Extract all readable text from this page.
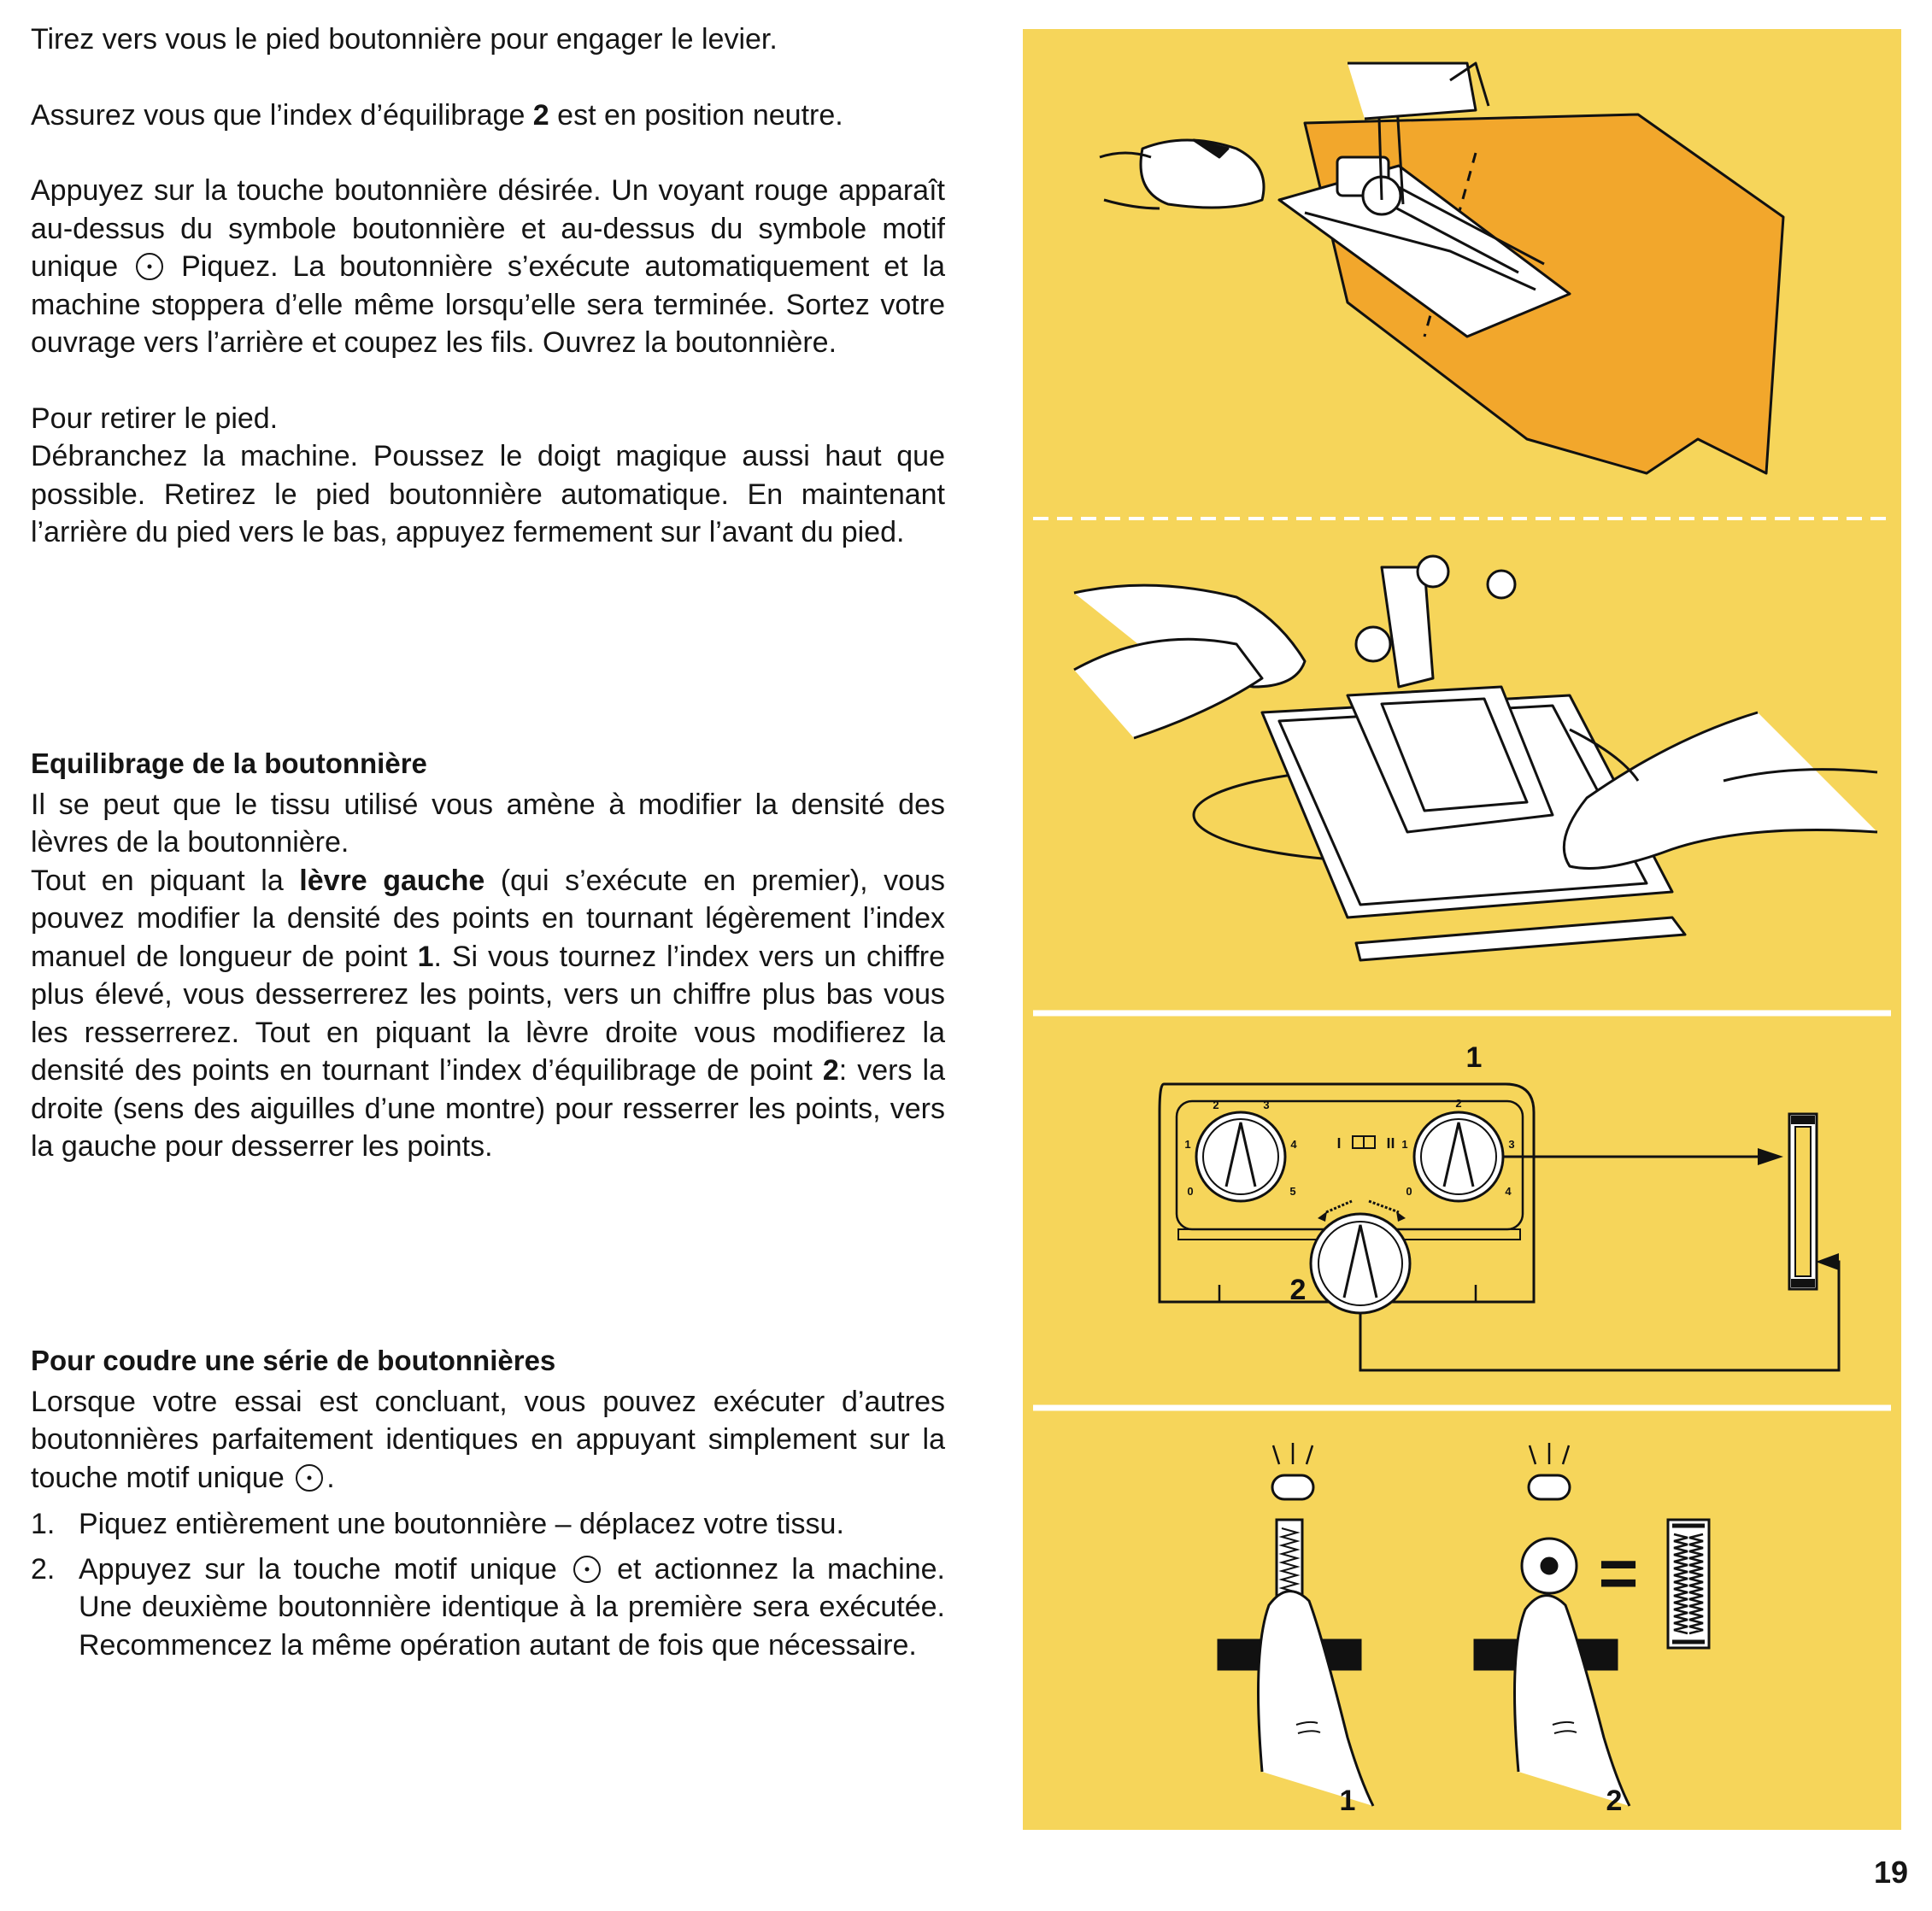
Tirez vers vous le pied boutonnière pour engager le levier.

Assurez vous que l’index d’équilibrage 2 est en position neutre.

Appuyez sur la touche boutonnière désirée. Un voyant rouge apparaît au-dessus du symbole boutonnière et au-dessus du symbole motif unique Piquez. La boutonnière s’exécute automatiquement et la machine stoppera d’elle même lorsqu’elle sera terminée. Sortez votre ouvrage vers l’arrière et coupez les fils. Ouvrez la boutonnière.

Pour retirer le pied.

Débranchez la machine. Poussez le doigt magique aussi haut que possible. Retirez le pied boutonnière automatique. En maintenant l’arrière du pied vers le bas, appuyez fermement sur l’avant du pied.

Equilibrage de la boutonnière

Il se peut que le tissu utilisé vous amène à modifier la densité des lèvres de la boutonnière.

Tout en piquant la lèvre gauche (qui s’exécute en premier), vous pouvez modifier la densité des points en tournant légèrement l’index manuel de longueur de point 1. Si vous tournez l’index vers un chiffre plus élevé, vous desserrerez les points, vers un chiffre plus bas vous les resserrerez. Tout en piquant la lèvre droite vous modifierez la densité des points en tournant l’index d’équilibrage de point 2: vers la droite (sens des aiguilles d’une montre) pour resserrer les points, vers la gauche pour desserrer les points.

Pour coudre une série de boutonnières

Lorsque votre essai est concluant, vous pouvez exécuter d’autres boutonnières parfaitement identiques en appuyant simplement sur la touche motif unique .

1. Piquez entièrement une boutonnière – déplacez votre tissu.
2. Appuyez sur la touche motif unique et actionnez la machine. Une deuxième boutonnière identique à la première sera exécutée. Recommencez la même opération autant de fois que nécessaire.
1
0
1
2	3
4
5	0
1
2
3
4
2
=
1	2
19
